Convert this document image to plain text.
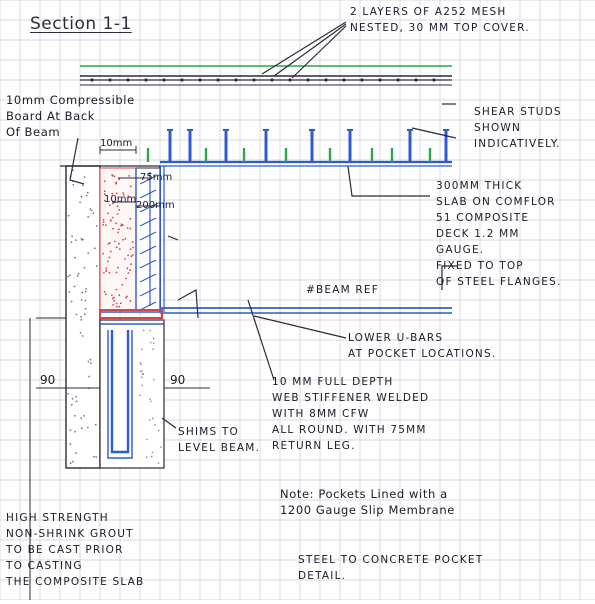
Section 1-1
2 LAYERS OF A252 MESH
NESTED, 30 MM TOP COVER.
10mm Compressible
Board At Back
Of Beam
SHEAR STUDS
SHOWN
INDICATIVELY.
300MM THICK
SLAB ON COMFLOR
51 COMPOSITE
DECK 1.2 MM
GAUGE.
FIXED TO TOP
OF STEEL FLANGES.
#BEAM REF
LOWER U-BARS
AT POCKET LOCATIONS.
10 MM FULL DEPTH
WEB STIFFENER WELDED
WITH 8MM CFW
ALL ROUND. WITH 75MM
RETURN LEG.
SHIMS TO
LEVEL BEAM.
HIGH STRENGTH
NON-SHRINK GROUT
TO BE CAST PRIOR
TO CASTING
THE COMPOSITE SLAB
Note: Pockets Lined with a
1200 Gauge Slip Membrane
STEEL TO CONCRETE POCKET
DETAIL.
10mm
75mm
10mm
200mm
90	90
